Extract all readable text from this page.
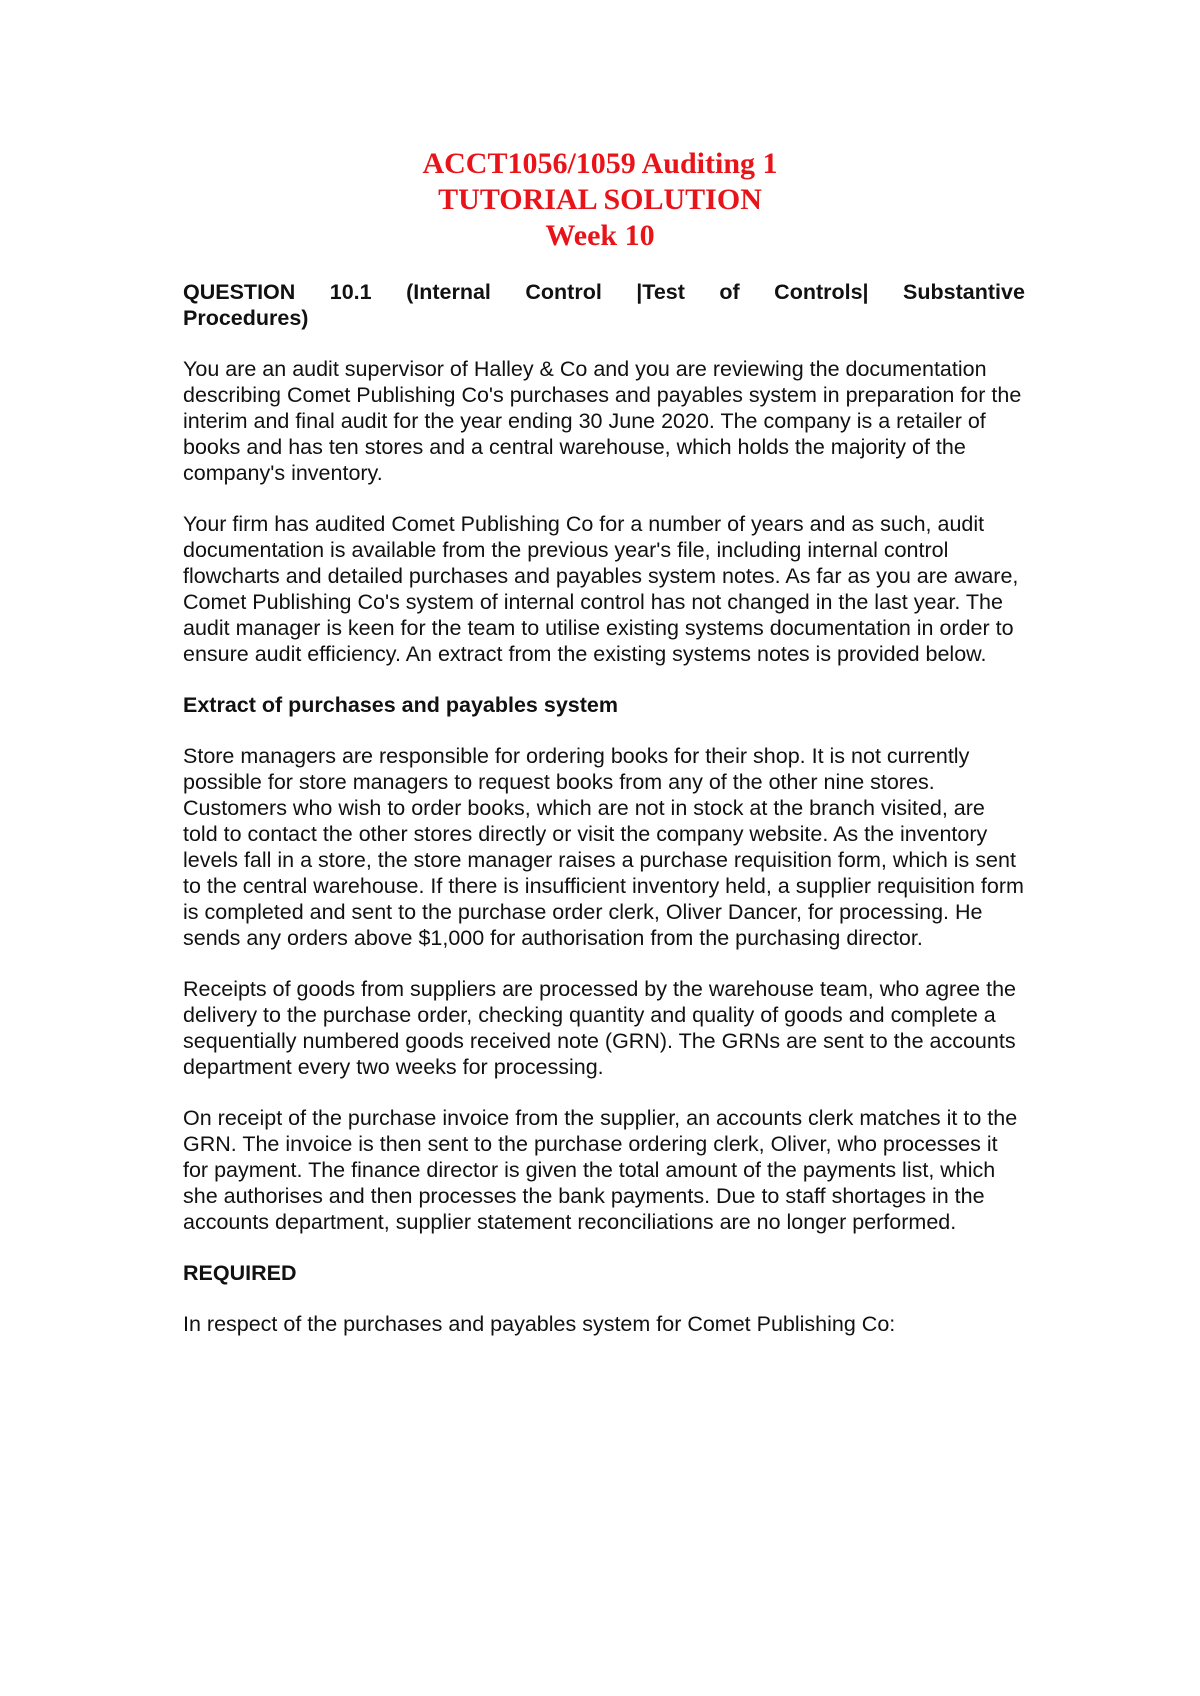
ACCT1056/1059 Auditing 1
TUTORIAL SOLUTION
Week 10
QUESTION 10.1 (Internal Control |Test of Controls| Substantive
Procedures)

You are an audit supervisor of Halley & Co and you are reviewing the documentation describing Comet Publishing Co's purchases and payables system in preparation for the interim and final audit for the year ending 30 June 2020. The company is a retailer of books and has ten stores and a central warehouse, which holds the majority of the company's inventory.

Your firm has audited Comet Publishing Co for a number of years and as such, audit documentation is available from the previous year's file, including internal control flowcharts and detailed purchases and payables system notes. As far as you are aware, Comet Publishing Co's system of internal control has not changed in the last year. The audit manager is keen for the team to utilise existing systems documentation in order to ensure audit efficiency. An extract from the existing systems notes is provided below.

Extract of purchases and payables system

Store managers are responsible for ordering books for their shop. It is not currently possible for store managers to request books from any of the other nine stores. Customers who wish to order books, which are not in stock at the branch visited, are told to contact the other stores directly or visit the company website. As the inventory levels fall in a store, the store manager raises a purchase requisition form, which is sent to the central warehouse. If there is insufficient inventory held, a supplier requisition form is completed and sent to the purchase order clerk, Oliver Dancer, for processing. He sends any orders above $1,000 for authorisation from the purchasing director.

Receipts of goods from suppliers are processed by the warehouse team, who agree the delivery to the purchase order, checking quantity and quality of goods and complete a sequentially numbered goods received note (GRN). The GRNs are sent to the accounts department every two weeks for processing.

On receipt of the purchase invoice from the supplier, an accounts clerk matches it to the GRN. The invoice is then sent to the purchase ordering clerk, Oliver, who processes it for payment. The finance director is given the total amount of the payments list, which she authorises and then processes the bank payments. Due to staff shortages in the accounts department, supplier statement reconciliations are no longer performed.

REQUIRED

In respect of the purchases and payables system for Comet Publishing Co:
